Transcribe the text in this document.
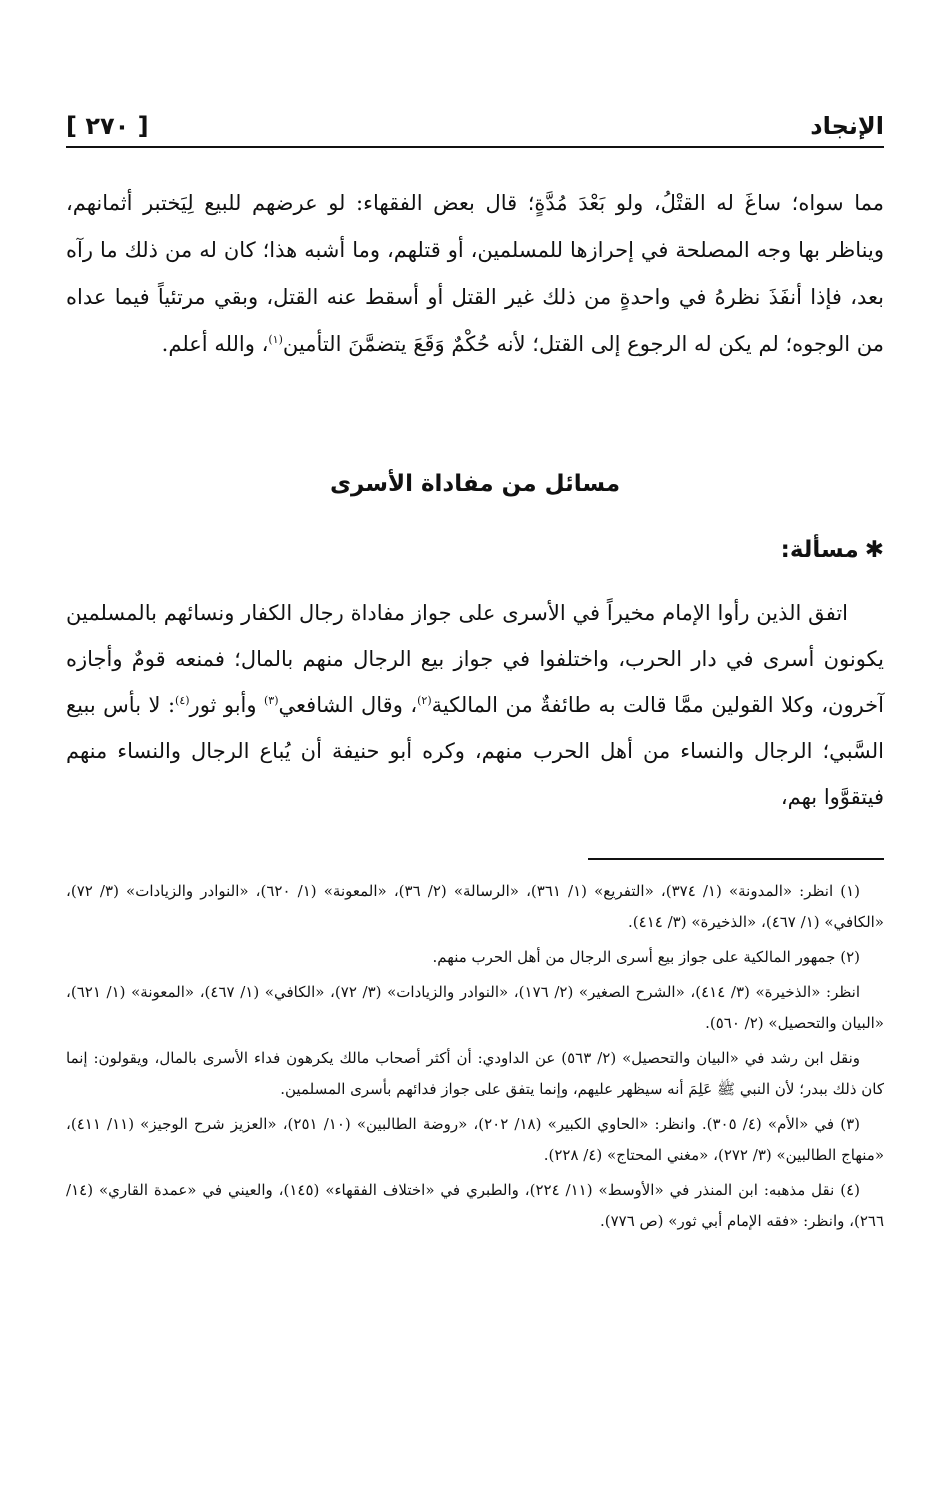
الإنجاد
[ ٢٧٠ ]

مما سواه؛ ساغَ له القتْلُ، ولو بَعْدَ مُدَّةٍ؛ قال بعض الفقهاء: لو عرضهم للبيع لِيَختبر أثمانهم، ويناظر بها وجه المصلحة في إحرازها للمسلمين، أو قتلهم، وما أشبه هذا؛ كان له من ذلك ما رآه بعد، فإذا أنفَذَ نظرهُ في واحدةٍ من ذلك غير القتل أو أسقط عنه القتل، وبقي مرتئياً فيما عداه من الوجوه؛ لم يكن له الرجوع إلى القتل؛ لأنه حُكْمٌ وَقَعَ يتضمَّنَ التأمين$^{(١)}$، والله أعلم.

مسائل من مفاداة الأسرى
✱مسألة:

اتفق الذين رأوا الإمام مخيراً في الأسرى على جواز مفاداة رجال الكفار ونسائهم بالمسلمين يكونون أسرى في دار الحرب، واختلفوا في جواز بيع الرجال منهم بالمال؛ فمنعه قومٌ وأجازه آخرون، وكلا القولين ممَّا قالت به طائفةٌ من المالكية$^{(٢)}$، وقال الشافعي$^{(٣)}$ وأبو ثور$^{(٤)}$: لا بأس ببيع السَّبي؛ الرجال والنساء من أهل الحرب منهم، وكره أبو حنيفة أن يُباع الرجال والنساء منهم فيتقوَّوا بهم،

(١) انظر: «المدونة» (١/ ٣٧٤)، «التفريع» (١/ ٣٦١)، «الرسالة» (٢/ ٣٦)، «المعونة» (١/ ٦٢٠)، «النوادر والزيادات» (٣/ ٧٢)، «الكافي» (١/ ٤٦٧)، «الذخيرة» (٣/ ٤١٤).

(٢) جمهور المالكية على جواز بيع أسرى الرجال من أهل الحرب منهم.

انظر: «الذخيرة» (٣/ ٤١٤)، «الشرح الصغير» (٢/ ١٧٦)، «النوادر والزيادات» (٣/ ٧٢)، «الكافي» (١/ ٤٦٧)، «المعونة» (١/ ٦٢١)، «البيان والتحصيل» (٢/ ٥٦٠).

ونقل ابن رشد في «البيان والتحصيل» (٢/ ٥٦٣) عن الداودي: أن أكثر أصحاب مالك يكرهون فداء الأسرى بالمال، ويقولون: إنما كان ذلك ببدر؛ لأن النبي ﷺ عَلِمَ أنه سيظهر عليهم، وإنما يتفق على جواز فدائهم بأسرى المسلمين.

(٣) في «الأم» (٤/ ٣٠٥). وانظر: «الحاوي الكبير» (١٨/ ٢٠٢)، «روضة الطالبين» (١٠/ ٢٥١)، «العزيز شرح الوجيز» (١١/ ٤١١)، «منهاج الطالبين» (٣/ ٢٧٢)، «مغني المحتاج» (٤/ ٢٢٨).

(٤) نقل مذهبه: ابن المنذر في «الأوسط» (١١/ ٢٢٤)، والطبري في «اختلاف الفقهاء» (١٤٥)، والعيني في «عمدة القاري» (١٤/ ٢٦٦)، وانظر: «فقه الإمام أبي ثور» (ص ٧٧٦).
